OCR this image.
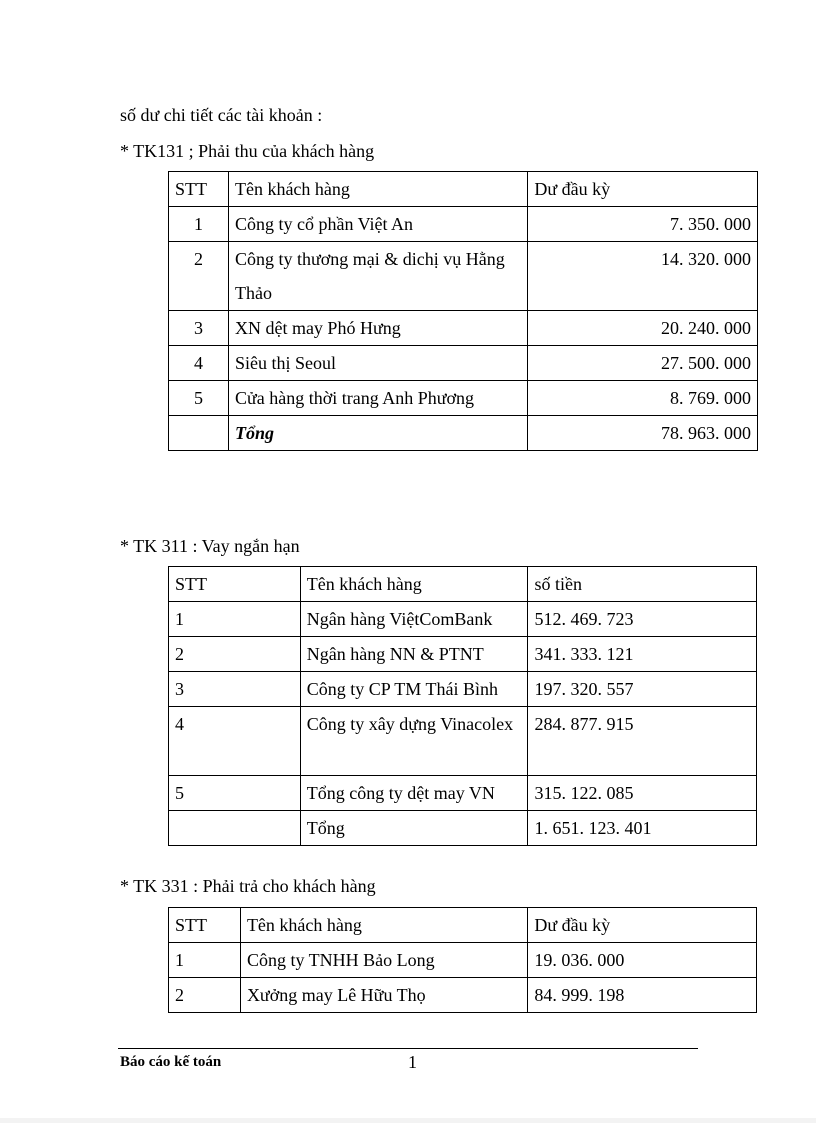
số dư chi tiết các tài khoản :
* TK131 ; Phải thu của khách hàng
STT	Tên khách hàng	Dư đầu kỳ
1	Công ty cổ phần Việt An	7. 350. 000
2	Công ty thương mại & dichị vụ Hằng Thảo	14. 320. 000
3	XN dệt may Phó Hưng	20. 240. 000
4	Siêu thị Seoul	27. 500. 000
5	Cửa hàng thời trang Anh Phương	8. 769. 000
	Tổng	78. 963. 000
* TK 311 : Vay ngắn hạn
STT	Tên khách hàng	số tiền
1	Ngân hàng ViệtComBank	512. 469. 723
2	Ngân hàng NN & PTNT	341. 333. 121
3	Công ty CP TM Thái Bình	197. 320. 557
4	Công ty xây dựng Vinacolex	284. 877. 915
5	Tổng công ty dệt may VN	315. 122. 085
	Tổng	1. 651. 123. 401
* TK 331 : Phải trả cho khách hàng
STT	Tên khách hàng	Dư đầu kỳ
1	Công ty TNHH Bảo Long	19. 036. 000
2	Xưởng may Lê Hữu Thọ	84. 999. 198
Báo cáo kế toán	1
